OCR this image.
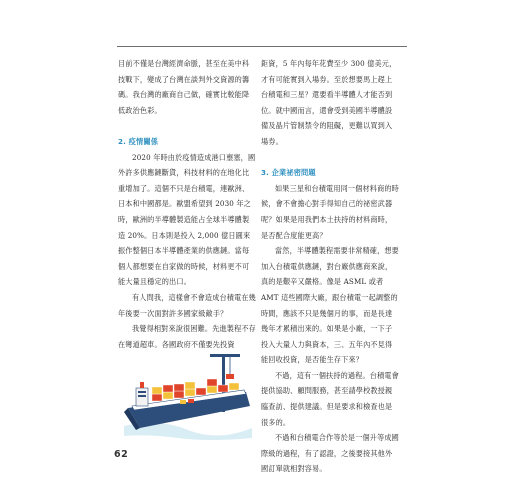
目前不僅是台灣經濟命脈，甚至在美中科技戰下，變成了台灣在談判外交資源的籌碼。我台灣的廠商自己做，確實比較能降低政治色彩。

2. 疫情關係

2020 年時由於疫情造成港口壅塞，國外許多供應鏈斷貨，科技材料的在地化比重增加了。這個不只是台積電，連歐洲、日本和中國都是。歐盟希望到 2030 年之時，歐洲的半導體製造能占全球半導體製造 20%。日本則是投入 2,000 億日圓來振作整個日本半導體產業的供應鏈。當每個人都想要在自家做的時候，材料更不可能大量且穩定的出口。

有人問我，這樣會不會造成台積電在幾年後要一次面對許多國家級敵手？

我覺得相對來說很困難。先進製程不存在彎道超車。各國政府不僅要先投資

鉅資，5 年內每年花費至少 300 億美元，才有可能實到入場券。至於想要馬上趕上台積電和三星？還要看半導體人才能否到位。就中國而言，還會受到美國半導體設備及晶片管制禁令的阻礙，更難以買到入場券。

3. 企業祕密問題

如果三星和台積電用同一個材料商的時候，會不會擔心對手得知自己的祕密武器呢？如果是用我們本土扶持的材料商時，是否配合度能更高？

當然，半導體製程需要非常精確，想要加入台積電供應鏈，對台廠供應商來說，真的是艱辛又嚴格。像是 ASML 或者 AMT 這些國際大廠，跟台積電一起調整的時間，應該不只是幾個月的事，而是長達幾年才累積出來的。如果是小廠，一下子投入大量人力與資本，三、五年內不見得能回收投資，是否能生存下來？

不過，這有一個扶持的過程。台積電會提供協助、顧問服務，甚至請學校教授親臨查訪、提供建議。但是要求和檢查也是很多的。

不過和台積電合作等於是一個升等成國際級的過程，有了認證，之後要接其他外國訂單就相對容易。

62
